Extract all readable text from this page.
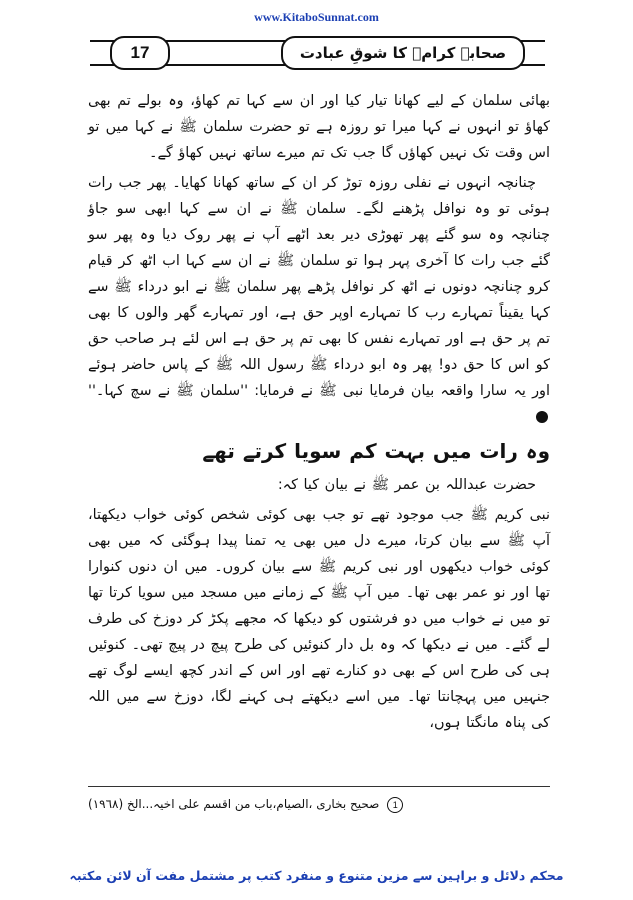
www.KitaboSunnat.com
17	صحابہ کرامؓ کا شوقِ عبادت

بھائی سلمان کے لیے کھانا تیار کیا اور ان سے کہا تم کھاؤ، وہ بولے تم بھی کھاؤ تو انہوں نے کہا میرا تو روزہ ہے تو حضرت سلمان ﷺ نے کہا میں تو اس وقت تک نہیں کھاؤں گا جب تک تم میرے ساتھ نہیں کھاؤ گے۔

چنانچہ انہوں نے نفلی روزہ توڑ کر ان کے ساتھ کھانا کھایا۔ پھر جب رات ہوئی تو وہ نوافل پڑھنے لگے۔ سلمان ﷺ نے ان سے کہا ابھی سو جاؤ چنانچہ وہ سو گئے پھر تھوڑی دیر بعد اٹھے آپ نے پھر روک دیا وہ پھر سو گئے جب رات کا آخری پہر ہوا تو سلمان ﷺ نے ان سے کہا اب اٹھ کر قیام کرو چنانچہ دونوں نے اٹھ کر نوافل پڑھے پھر سلمان ﷺ نے ابو درداء ﷺ سے کہا یقیناً تمہارے رب کا تمہارے اوپر حق ہے، اور تمہارے گھر والوں کا بھی تم پر حق ہے اور تمہارے نفس کا بھی تم پر حق ہے اس لئے ہر صاحب حق کو اس کا حق دو! پھر وہ ابو درداء ﷺ رسول اللہ ﷺ کے پاس حاضر ہوئے اور یہ سارا واقعہ بیان فرمایا نبی ﷺ نے فرمایا: ''سلمان ﷺ نے سچ کہا۔''1

وہ رات میں بہت کم سویا کرتے تھے

حضرت عبداللہ بن عمر ﷺ نے بیان کیا کہ:

نبی کریم ﷺ جب موجود تھے تو جب بھی کوئی شخص کوئی خواب دیکھتا، آپ ﷺ سے بیان کرتا، میرے دل میں بھی یہ تمنا پیدا ہوگئی کہ میں بھی کوئی خواب دیکھوں اور نبی کریم ﷺ سے بیان کروں۔ میں ان دنوں کنوارا تھا اور نو عمر بھی تھا۔ میں آپ ﷺ کے زمانے میں مسجد میں سویا کرتا تھا تو میں نے خواب میں دو فرشتوں کو دیکھا کہ مجھے پکڑ کر دوزخ کی طرف لے گئے۔ میں نے دیکھا کہ وہ بل دار کنوئیں کی طرح پیچ در پیچ تھی۔ کنوئیں ہی کی طرح اس کے بھی دو کنارے تھے اور اس کے اندر کچھ ایسے لوگ تھے جنہیں میں پہچانتا تھا۔ میں اسے دیکھتے ہی کہنے لگا، دوزخ سے میں اللہ کی پناہ مانگتا ہوں،

1صحیح بخاری ،الصیام،باب من اقسم علی اخیہ...الخ (١٩٦٨)
محکم دلائل و براہین سے مزین متنوع و منفرد کتب پر مشتمل مفت آن لائن مکتبہ
